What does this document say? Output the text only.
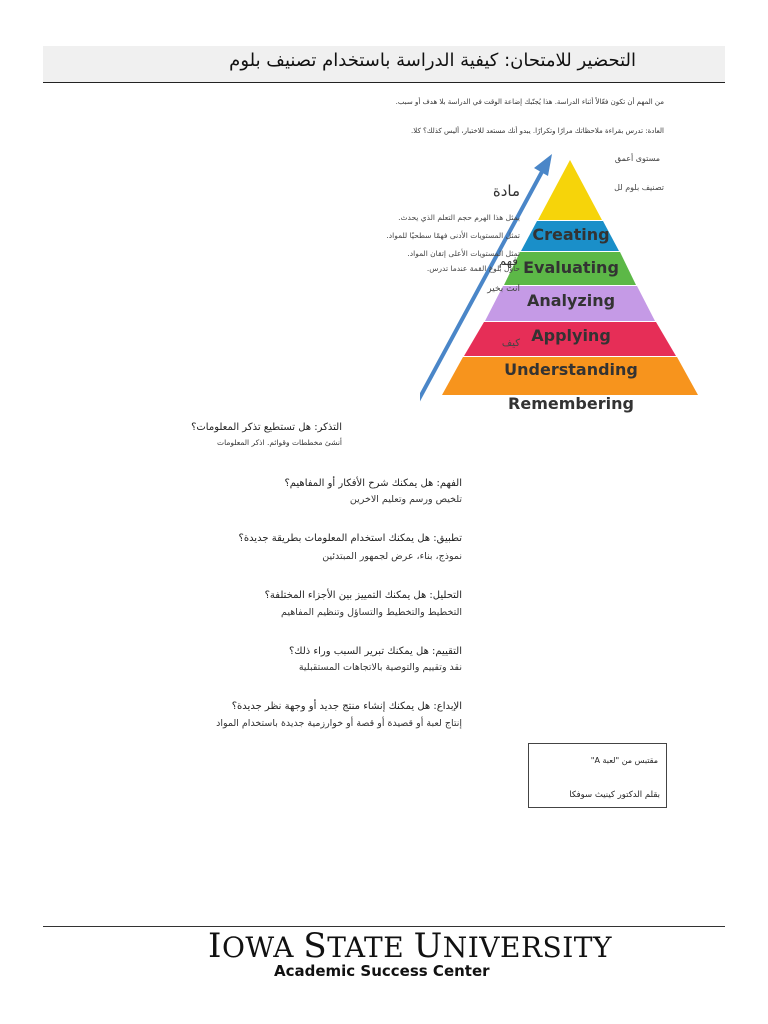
التحضير للامتحان: كيفية الدراسة باستخدام تصنيف بلوم
من المهم أن تكون فعّالاً أثناء الدراسة. هذا يُجنّبك إضاعة الوقت في الدراسة بلا هدف أو سبب.
العادة: تدرس بقراءة ملاحظاتك مرارًا وتكرارًا. يبدو أنك مستعد للاختبار، أليس كذلك؟ كلا.
Creating
Evaluating
Analyzing
Applying
Understanding
Remembering
مستوى أعمق
تصنيف بلوم لل
مادة
يمثل هذا الهرم حجم التعلم الذي يحدث.
تمثل المستويات الأدنى فهمًا سطحيًا للمواد.
تمثل المستويات الأعلى إتقان المواد.
حاول بلوغ القمة عندما تدرس.
فهم
انت بخير
كيف
التذكر: هل تستطيع تذكر المعلومات؟
أنشئ مخططات وقوائم. اذكر المعلومات
الفهم: هل يمكنك شرح الأفكار أو المفاهيم؟
تلخيص ورسم وتعليم الاخرين
تطبيق: هل يمكنك استخدام المعلومات بطريقة جديدة؟
نموذج، بناء، عرض لجمهور المبتدئين
التحليل: هل يمكنك التمييز بين الأجزاء المختلفة؟
التخطيط والتخطيط والتساؤل وتنظيم المفاهيم
التقييم: هل يمكنك تبرير السبب وراء ذلك؟
نقد وتقييم والتوصية بالاتجاهات المستقبلية
الإبداع: هل يمكنك إنشاء منتج جديد أو وجهة نظر جديدة؟
إنتاج لعبة أو قصيدة أو قصة أو خوارزمية جديدة باستخدام المواد
مقتبس من "لعبة A"
بقلم الدكتور كينيث سوفكا
IOWA STATE UNIVERSITY
Academic Success Center
